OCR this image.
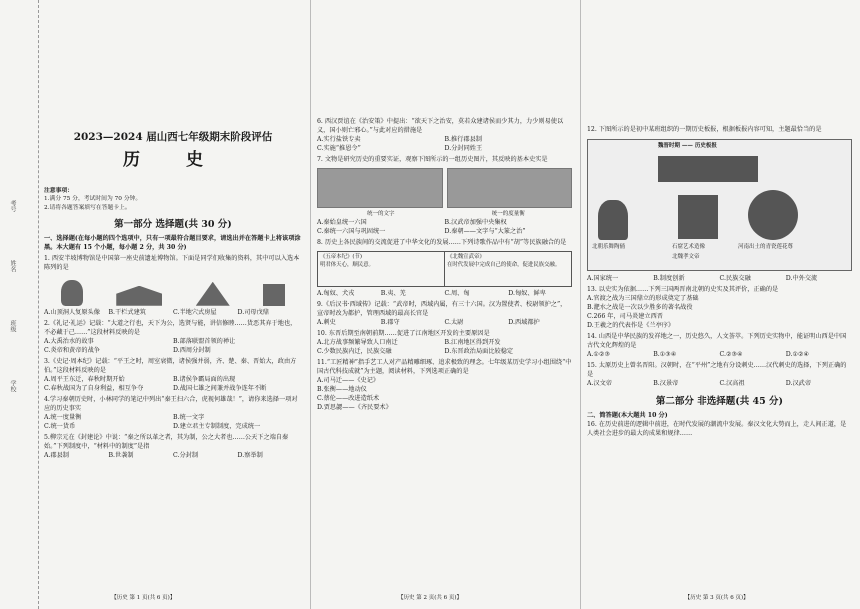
考号
姓名
班级
学校

2023—2024 届山西七年级期末阶段评估

历 史

注意事项：

1.满分 75 分，考试时间为 70 分钟。

2.请将各题答案填写在答题卡上。

第一部分 选择题(共 30 分)

一、选择题(在每小题的四个选项中，只有一项最符合题目要求，请选出并在答题卡上将该项涂黑。本大题有 15 个小题，每小题 2 分，共 30 分)

1. 西安半坡博物馆是中国第一座史前遗址博物馆。下面是同学们收集的资料，其中可以入选本陈列的是

A.山顶洞人复原头像	B.干栏式建筑	C.半地穴式房屋	D.司母戊鼎

2.《礼记·礼运》记载：“大道之行也，天下为公，选贤与能，讲信修睦……货恶其弃于地也，不必藏于己……”这段材料反映的是

A.大禹治水的故事	B.部落联盟首领的禅让
C.炎帝和黄帝的战争	D.西周分封制

3.《史记·周本纪》记载：“平王之时，周室衰微，诸侯强并弱，齐、楚、秦、晋始大，政由方伯。”这段材料反映的是

A.周平王东迁，春秋时期开始	B.诸侯争霸局面的出现
C.春秋战国为了自身利益，相互争夺	D.战国七雄之间兼并战争连年不断

4.学习秦朝历史时，小林同学的笔记中列出“秦王扫六合，虎视何雄哉！”，请你来选择一项对应的历史事实

A.统一度量衡	B.统一文字
C.统一货币	D.建立君主专制制度，完成统一

5.柳宗元在《封建论》中说：“秦之所以革之者，其为制，公之大者也……公天下之端自秦始。”下列制度中，“材料中的制度”是指

A.郡县制	B.世袭制	C.分封制	D.察举制

6. 西汉贾谊在《治安策》中提出：“欲天下之治安，莫若众建诸侯而少其力，力少则易使以义，国小则亡邪心。”与此对应的措施是

A.实行盐铁专卖	B.推行郡县制
C.实施“推恩令”	D.分封同姓王

7. 文物是研究历史的重要实证，观察下图所示的一组历史图片，其反映的基本史实是

统一的文字	统一的度量衡
A.秦始皇统一六国	B.汉武帝加强中央集权
C.秦统一六国与巩固统一	D.秦朝——文字与“大篆之治”

8. 历史上各民族间的交流促进了中华文化的发展……下列诗歌作品中有“胡”等民族融合的是

《五帝本纪》(节)

明君体天心，顺民意。

《北魏宣武帝》

在时代发展中完成自己的使命，促进民族交融。

A.匈奴、犬戎	B.夷、羌	C.周、匈	D.匈奴、鲜卑

9.《后汉书·西域传》记载：“武帝时，西域内属，有三十六国。汉为置使者、校尉领护之”，宣帝时改为都护，管理西域的最高长官是

A.刺史	B.郡守	C.太尉	D.西域都护

10. 东晋后期至南朝前期……促进了江南地区开发的主要原因是

A.北方战事频繁导致人口南迁	B.江南地区得到开发
C.少数民族内迁，民族交融	D.东晋政治局面比较稳定

11.“工匠精神”指手艺工人对产品精雕细琢、追求极致的理念。七年级某历史学习小组围绕“中国古代科技成就”为主题，阅读材料，下列选项正确的是

A.司马迁——《史记》

B.张衡——地动仪

C.蔡伦——改进造纸术

D.贾思勰——《齐民要术》

12. 下图所示的是初中某班组织的一期历史板报，根据板报内容可知，主题最恰当的是

魏晋时期 —— 历史板报
北朝乐舞陶俑	石窟艺术造像
北魏孝文帝
河南出土的青瓷莲花尊
A.国家统一	B.制度创新	C.民族交融	D.中外交流

13. 以史实为依据……下列三国两晋南北朝的史实及其评价，正确的是

A.官渡之战为三国鼎立的形成奠定了基础

B.淝水之战是一次以少胜多的著名战役

C.266 年，司马炎建立西晋

D.王羲之的代表作是《兰亭序》

14. 山西是中华民族的发祥地之一，历史悠久，人文荟萃。下列历史实物中，能证明山西是中国古代文化辉煌的是

A.①②③	B.①③④	C.②③④	D.①②④

15. 太原历史上曾名晋阳。汉朝时，在“平州”之地有分设刺史……汉代刺史的选择，下列正确的是

A.汉文帝	B.汉景帝	C.汉高祖	D.汉武帝

第二部分 非选择题(共 45 分)

二、简答题(本大题共 10 分)

16. 在历史前进的逻辑中前进，在时代发展的潮流中发展。秦汉文化大势而上，走人间正道，是人类社会进步的最大的成果和规律……

【历史 第 1 页(共 6 页)】	【历史 第 2 页(共 6 页)】	【历史 第 3 页(共 6 页)】
